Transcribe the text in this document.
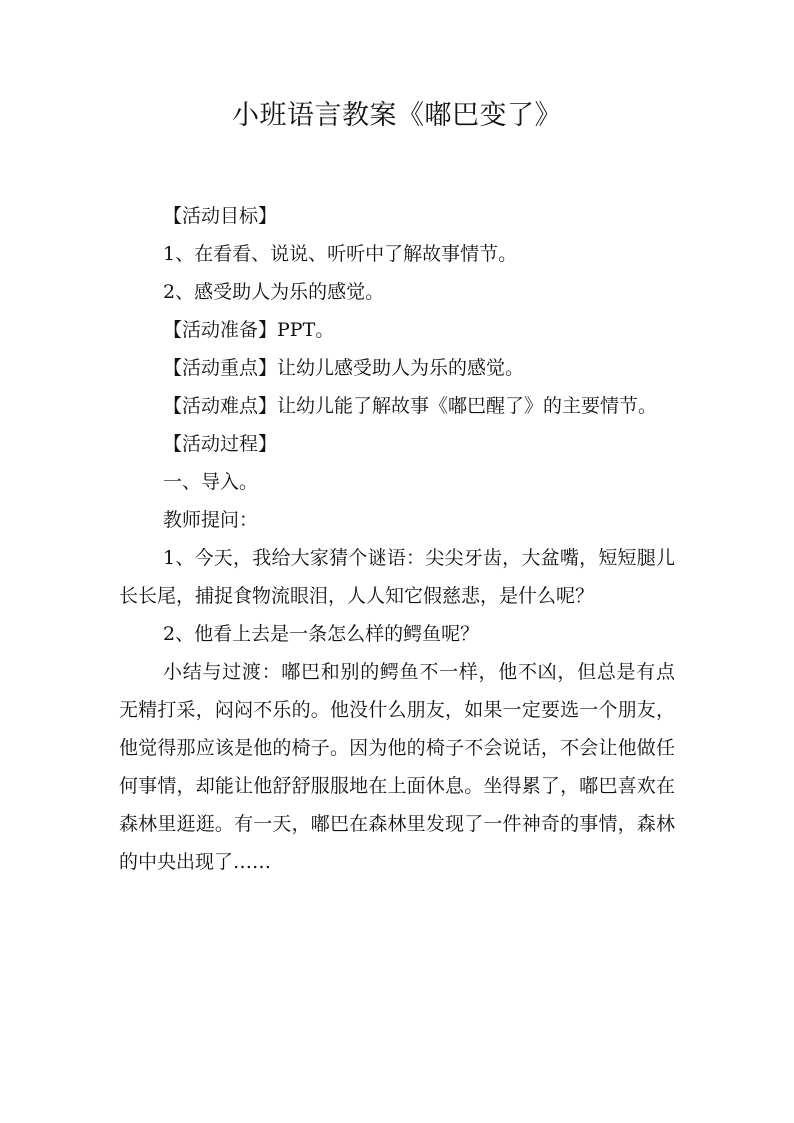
小班语言教案《嘟巴变了》

【活动目标】

1、在看看、说说、听听中了解故事情节。

2、感受助人为乐的感觉。

【活动准备】PPT。

【活动重点】让幼儿感受助人为乐的感觉。

【活动难点】让幼儿能了解故事《嘟巴醒了》的主要情节。

【活动过程】

一、导入。

教师提问：

1、今天，我给大家猜个谜语：尖尖牙齿，大盆嘴，短短腿儿长长尾，捕捉食物流眼泪，人人知它假慈悲，是什么呢？

2、他看上去是一条怎么样的鳄鱼呢？

小结与过渡：嘟巴和别的鳄鱼不一样，他不凶，但总是有点无精打采，闷闷不乐的。他没什么朋友，如果一定要选一个朋友，他觉得那应该是他的椅子。因为他的椅子不会说话，不会让他做任何事情，却能让他舒舒服服地在上面休息。坐得累了，嘟巴喜欢在森林里逛逛。有一天，嘟巴在森林里发现了一件神奇的事情，森林的中央出现了……
